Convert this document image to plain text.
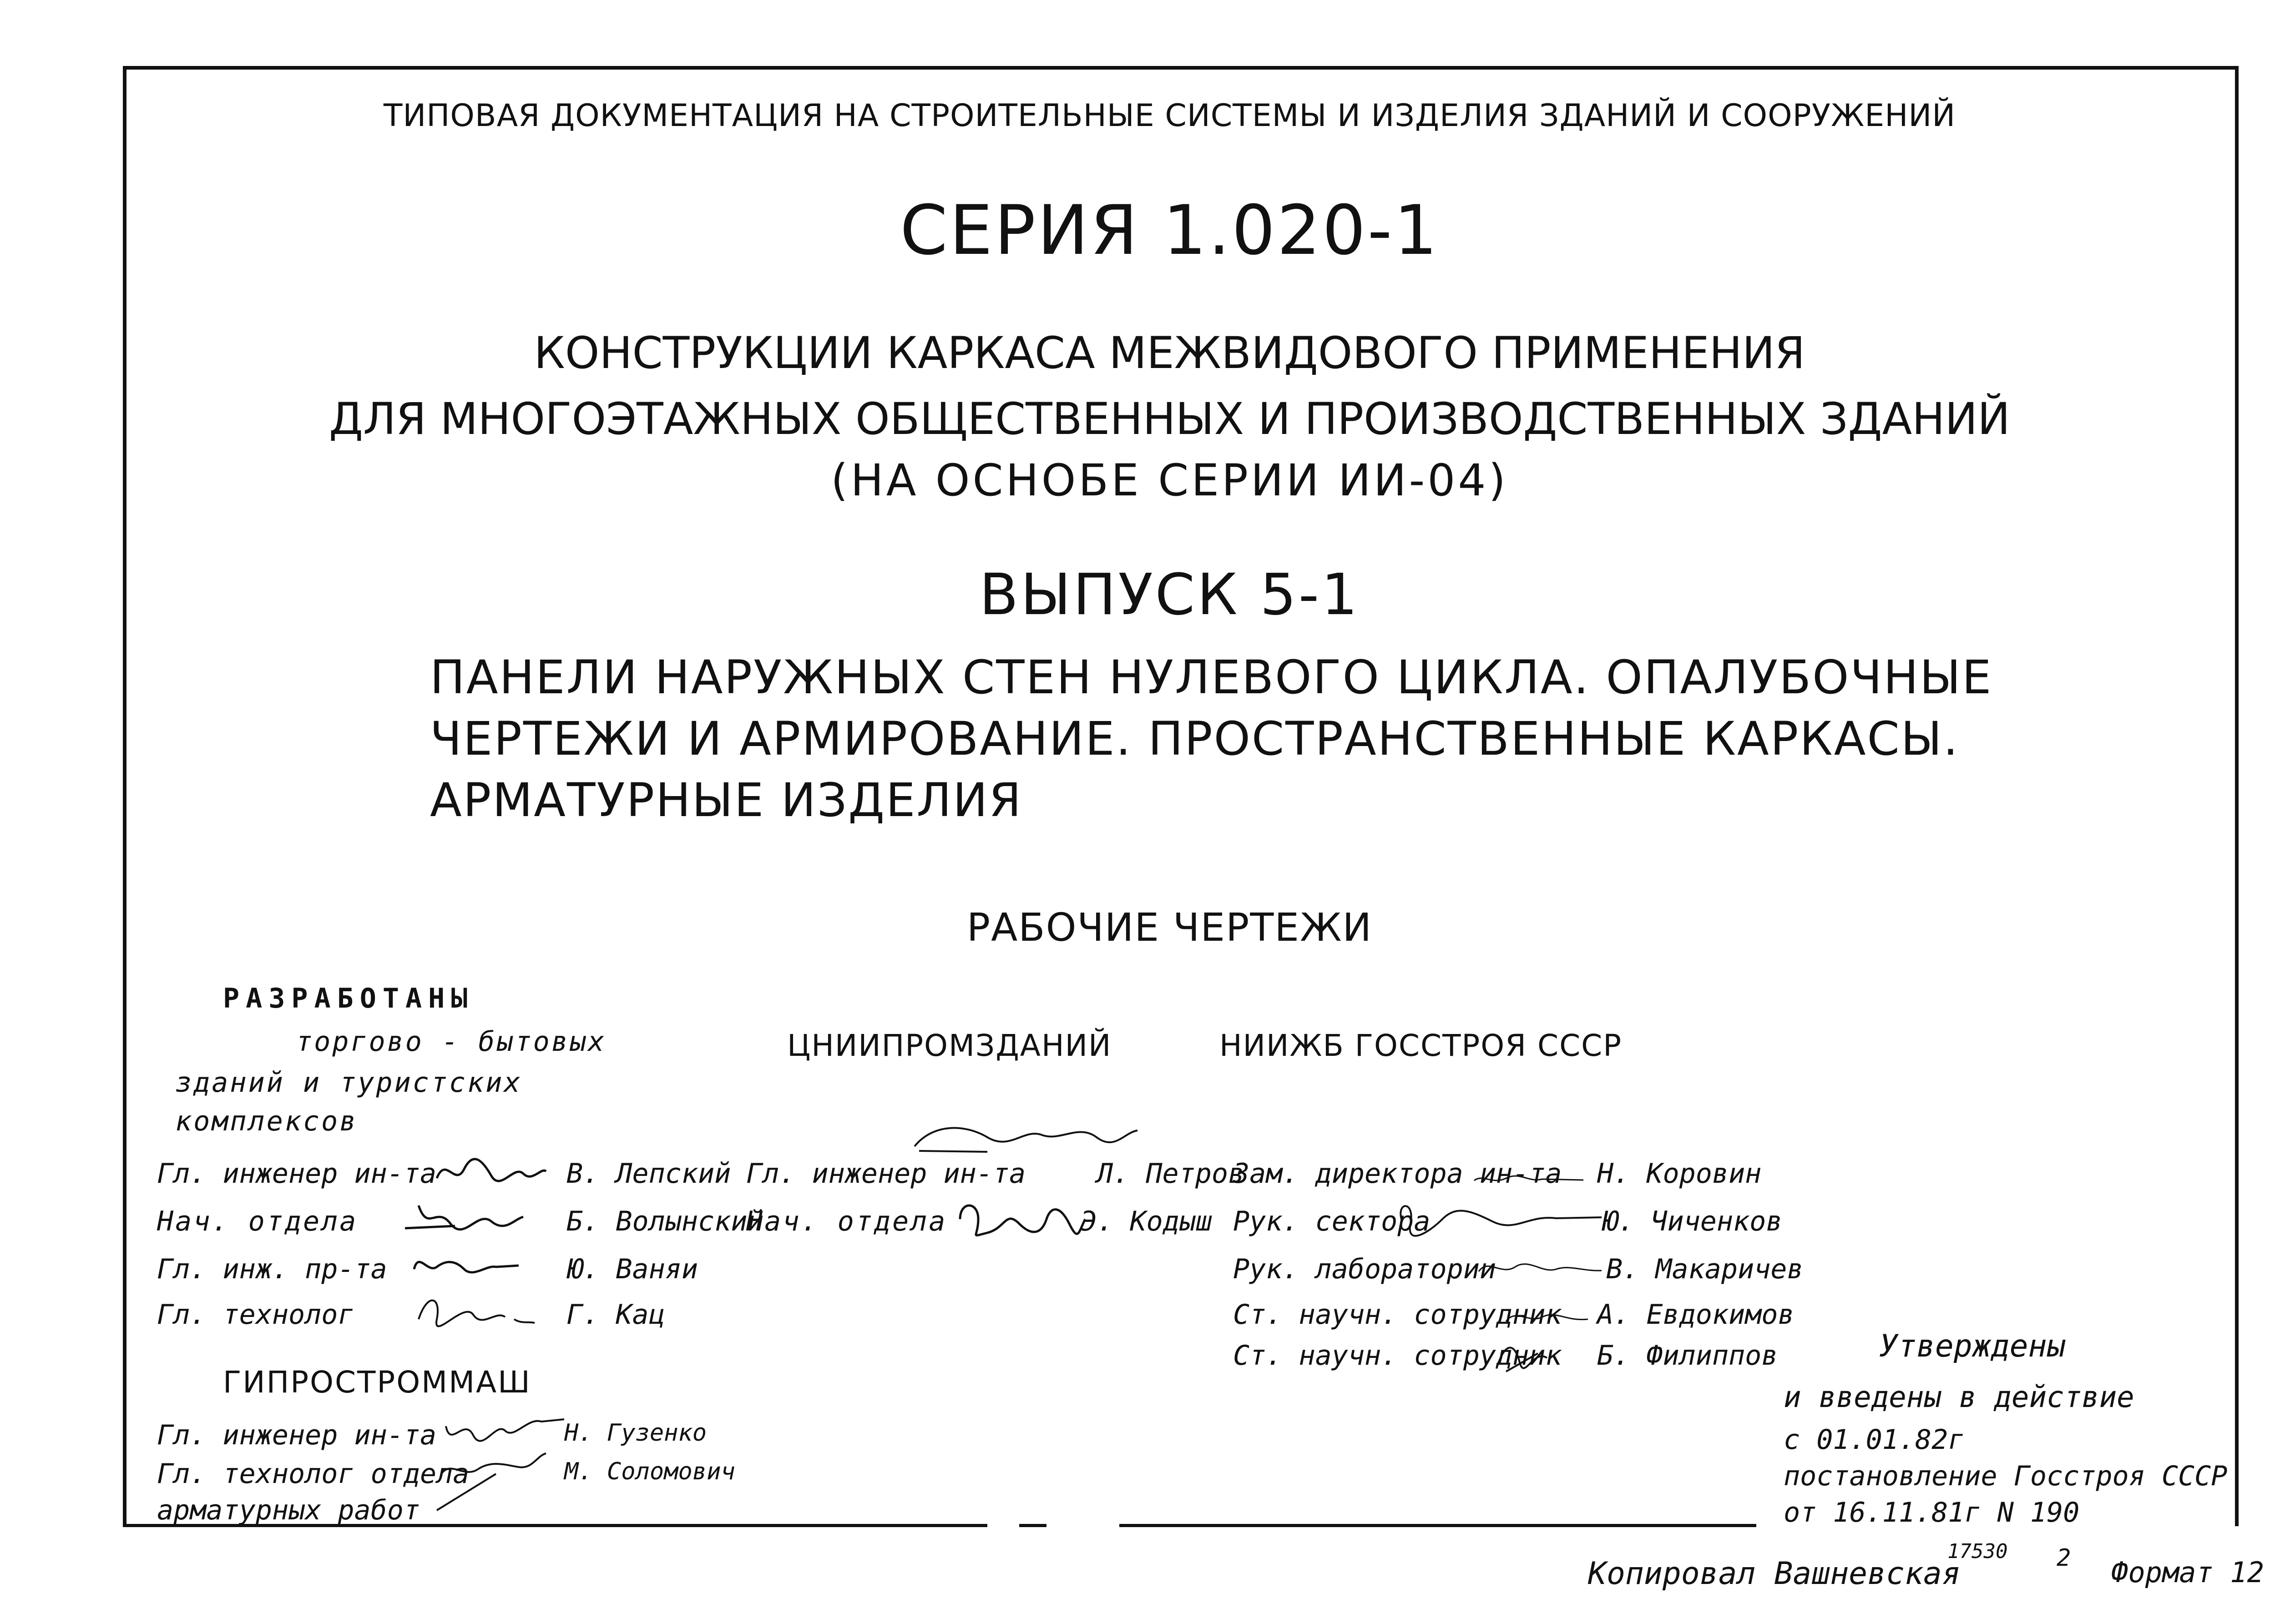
ТИПОВАЯ ДОКУМЕНТАЦИЯ НА СТРОИТЕЛЬНЫЕ СИСТЕМЫ И ИЗДЕЛИЯ ЗДАНИЙ И СООРУЖЕНИЙ
СЕРИЯ 1.020-1
КОНСТРУКЦИИ КАРКАСА МЕЖВИДОВОГО ПРИМЕНЕНИЯ
ДЛЯ МНОГОЭТАЖНЫХ ОБЩЕСТВЕННЫХ И ПРОИЗВОДСТВЕННЫХ ЗДАНИЙ
(НА ОСНОБЕ СЕРИИ ИИ-04)
ВЫПУСК 5-1
ПАНЕЛИ НАРУЖНЫХ СТЕН НУЛЕВОГО ЦИКЛА. ОПАЛУБОЧНЫЕ
ЧЕРТЕЖИ И АРМИРОВАНИЕ. ПРОСТРАНСТВЕННЫЕ КАРКАСЫ.
АРМАТУРНЫЕ ИЗДЕЛИЯ
РАБОЧИЕ ЧЕРТЕЖИ
РАЗРАБОТАНЫ
торгово - бытовых
зданий и туристских
комплексов
Гл. инженер ин-та	В. Лепский
Нач. отдела	Б. Волынский
Гл. инж. пр-та	Ю. Ваняи
Гл. технолог	Г. Кац
ЦНИИПРОМЗДАНИЙ
Гл. инженер ин-та	Л. Петров
Нач. отдела	Э. Кодыш
НИИЖБ ГОССТРОЯ СССР
Зам. директора ин-та Н. Коровин
Рук. сектора	Ю. Чиченков
Рук. лаборатории	В. Макаричев
Ст. научн. сотрудник А. Евдокимов
Ст. научн. сотрудник Б. Филиппов
ГИПРОСТРОММАШ
Гл. инженер ин-та	Н. Гузенко
Гл. технолог отдела	М. Соломович
арматурных работ
Утверждены
и введены в действие
с 01.01.82г
постановление Госстроя СССР
от 16.11.81г N 190
Копировал Вашневская
17530 2 Формат 12
